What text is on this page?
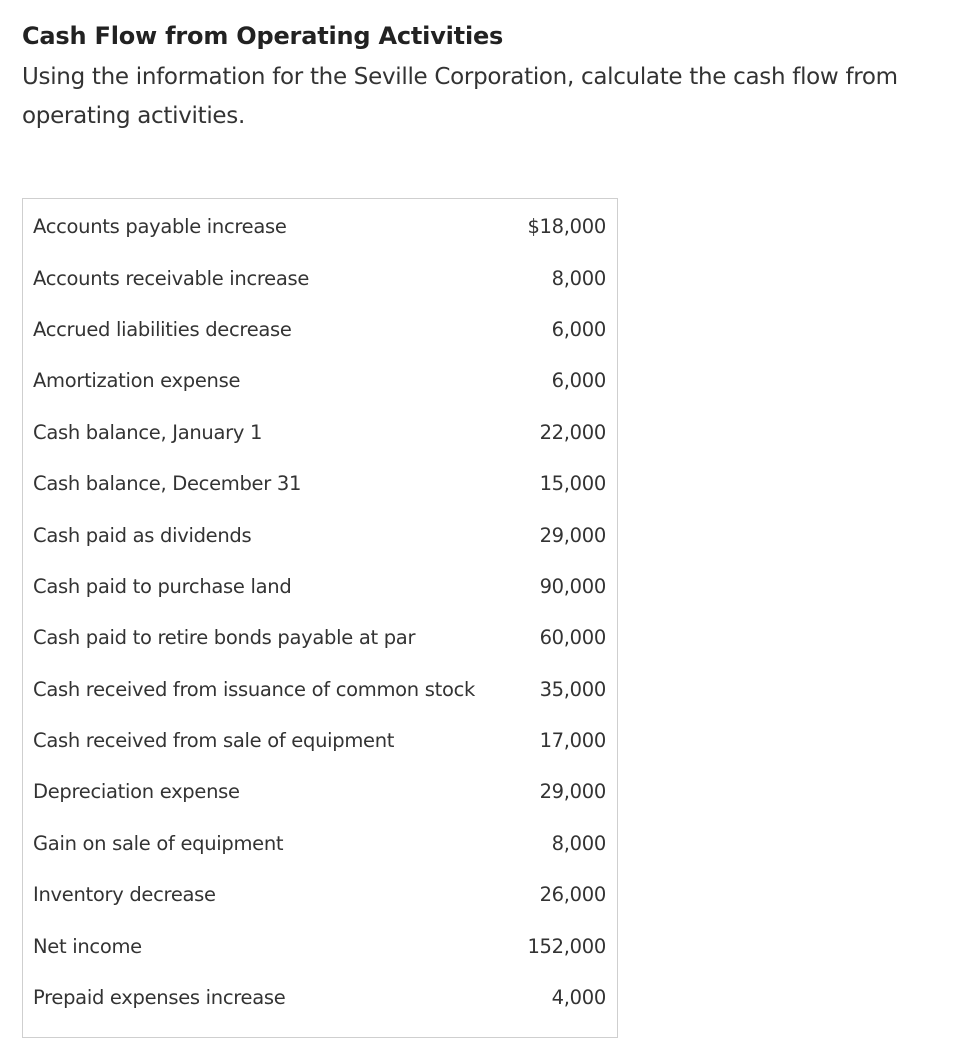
Cash Flow from Operating Activities
Using the information for the Seville Corporation, calculate the cash flow from operating activities.
Accounts payable increase	$18,000
Accounts receivable increase	8,000
Accrued liabilities decrease	6,000
Amortization expense	6,000
Cash balance, January 1	22,000
Cash balance, December 31	15,000
Cash paid as dividends	29,000
Cash paid to purchase land	90,000
Cash paid to retire bonds payable at par	60,000
Cash received from issuance of common stock	35,000
Cash received from sale of equipment	17,000
Depreciation expense	29,000
Gain on sale of equipment	8,000
Inventory decrease	26,000
Net income	152,000
Prepaid expenses increase	4,000
